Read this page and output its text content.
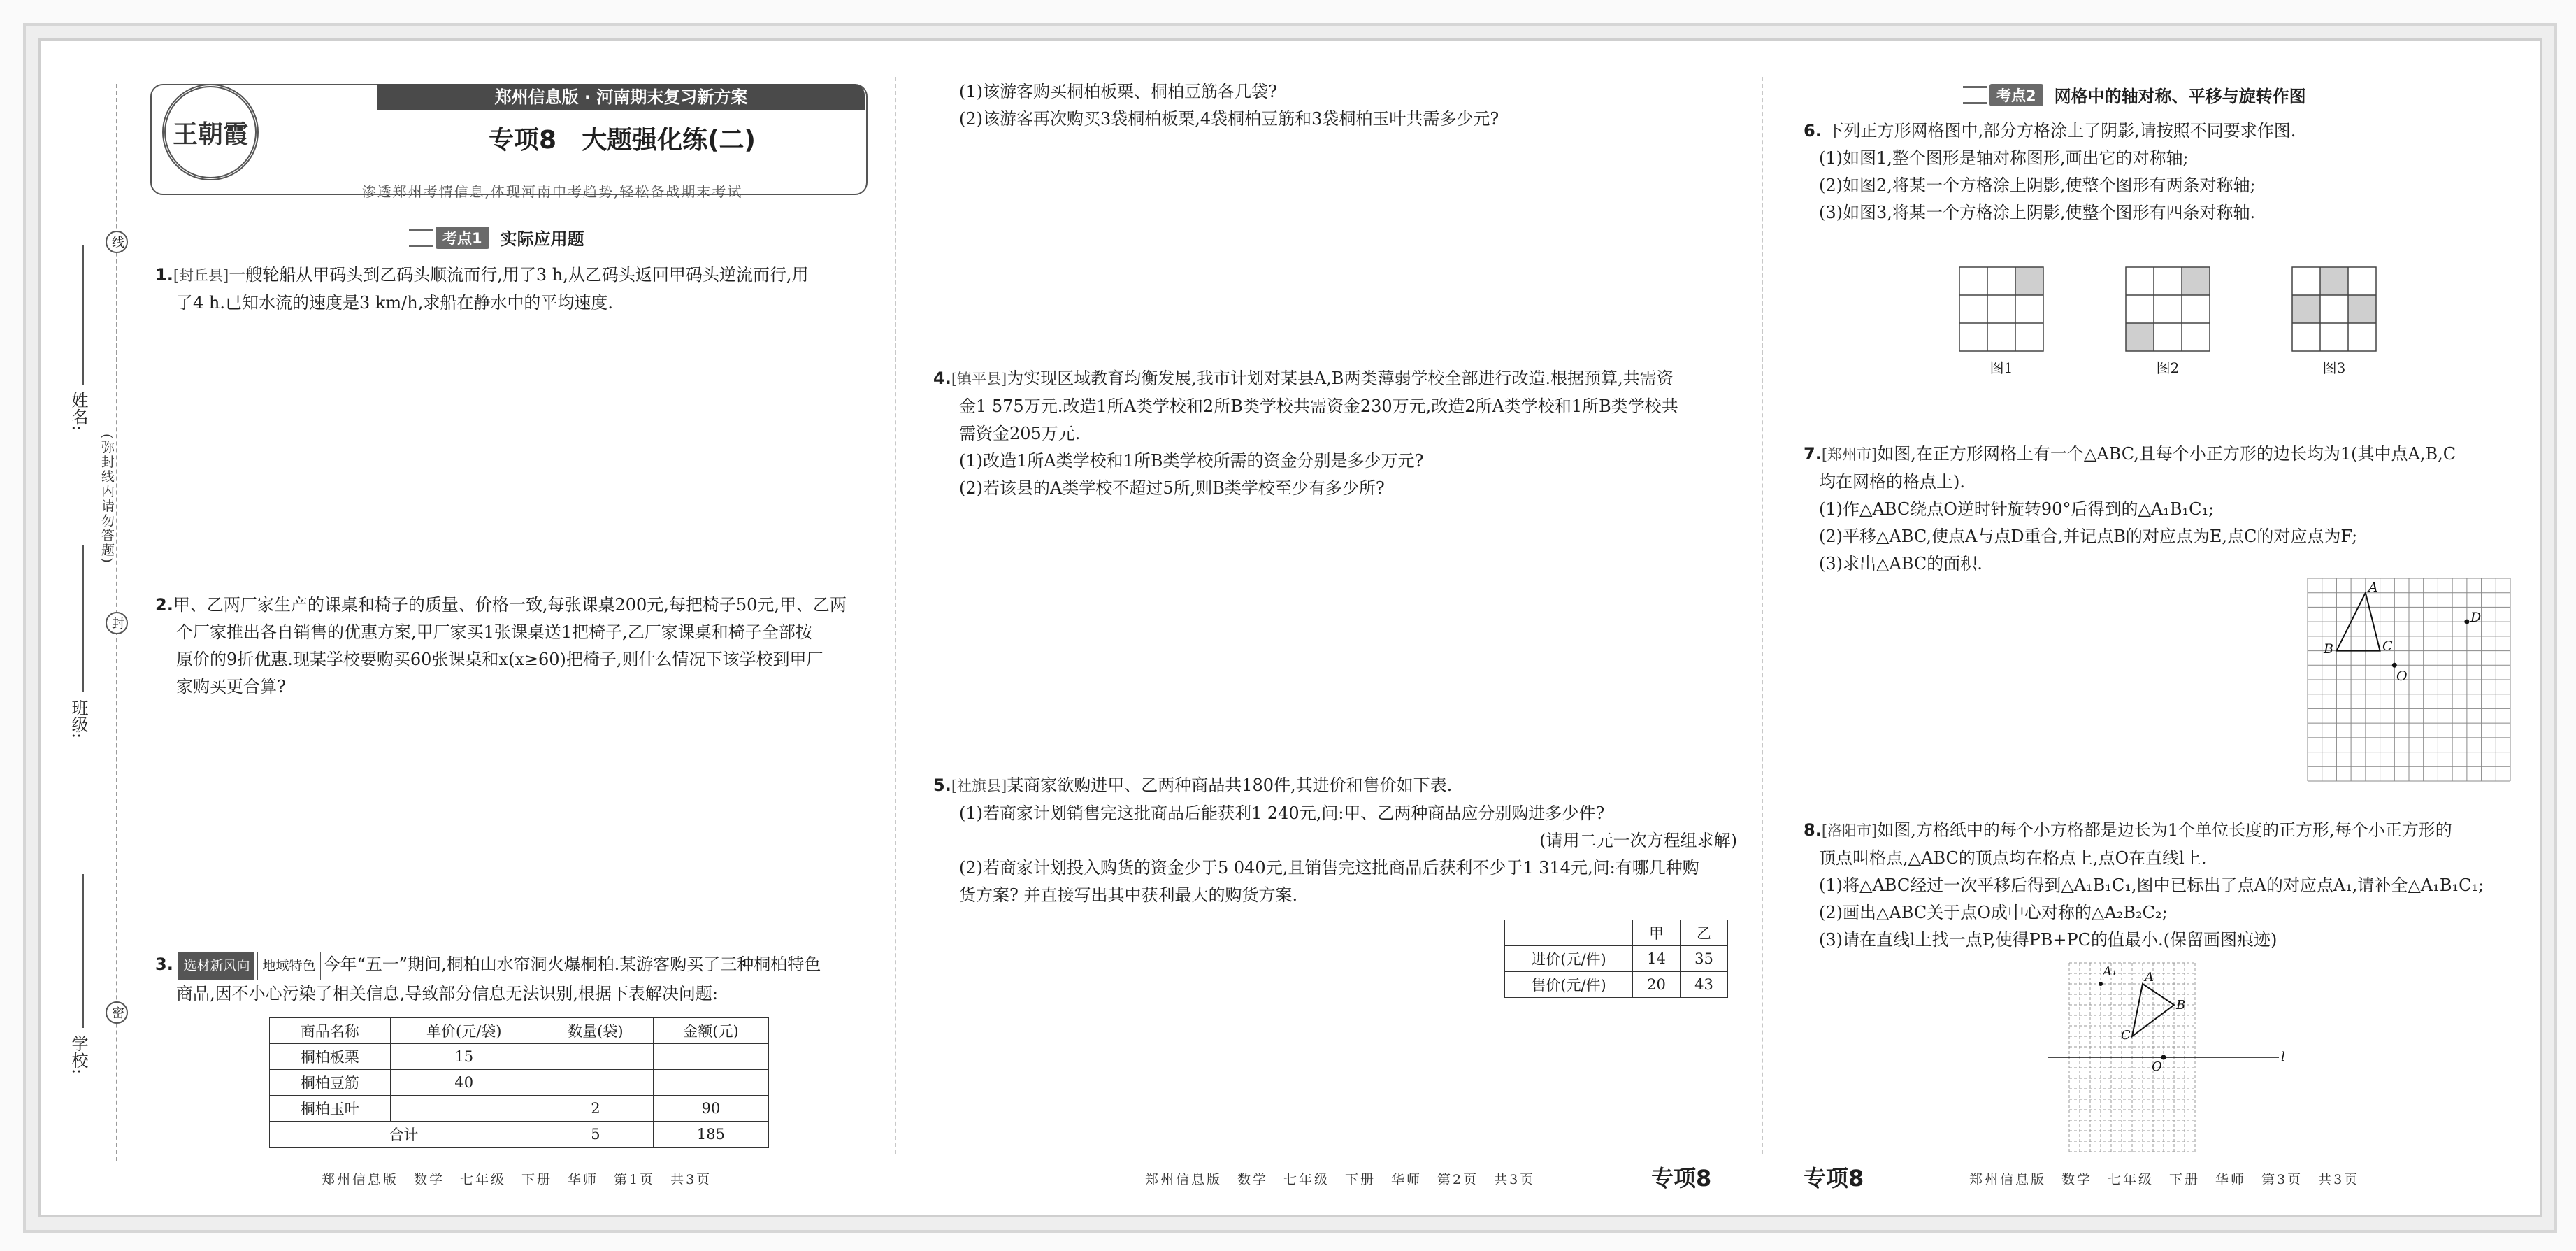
姓名:
班级:
学校:
(弥封线内请勿答题)
线
封
密
王朝霞
郑州信息版 · 河南期末复习新方案
专项8　大题强化练(二)
渗透郑州考情信息,体现河南中考趋势,轻松备战期末考试
考点1	实际应用题

1.[封丘县]一艘轮船从甲码头到乙码头顺流而行,用了3 h,从乙码头返回甲码头逆流而行,用

了4 h.已知水流的速度是3 km/h,求船在静水中的平均速度.

2.甲、乙两厂家生产的课桌和椅子的质量、价格一致,每张课桌200元,每把椅子50元,甲、乙两

个厂家推出各自销售的优惠方案,甲厂家买1张课桌送1把椅子,乙厂家课桌和椅子全部按

原价的9折优惠.现某学校要购买60张课桌和x(x≥60)把椅子,则什么情况下该学校到甲厂

家购买更合算?

3. 选材新风向 地域特色 今年“五一”期间,桐柏山水帘洞火爆桐柏.某游客购买了三种桐柏特色

商品,因不小心污染了相关信息,导致部分信息无法识别,根据下表解决问题:

商品名称	单价(元/袋)	数量(袋)	金额(元)
桐柏板栗	15		
桐柏豆筋	40		
桐柏玉叶		2	90
合计		5	185

(1)该游客购买桐柏板栗、桐柏豆筋各几袋?

(2)该游客再次购买3袋桐柏板栗,4袋桐柏豆筋和3袋桐柏玉叶共需多少元?

4.[镇平县]为实现区域教育均衡发展,我市计划对某县A,B两类薄弱学校全部进行改造.根据预算,共需资

金1 575万元.改造1所A类学校和2所B类学校共需资金230万元,改造2所A类学校和1所B类学校共

需资金205万元.

(1)改造1所A类学校和1所B类学校所需的资金分别是多少万元?

(2)若该县的A类学校不超过5所,则B类学校至少有多少所?

5.[社旗县]某商家欲购进甲、乙两种商品共180件,其进价和售价如下表.

(1)若商家计划销售完这批商品后能获利1 240元,问:甲、乙两种商品应分别购进多少件?

(请用二元一次方程组求解)

(2)若商家计划投入购货的资金少于5 040元,且销售完这批商品后获利不少于1 314元,问:有哪几种购

货方案? 并直接写出其中获利最大的购货方案.

	甲	乙
进价(元/件)	14	35
售价(元/件)	20	43
考点2	网格中的轴对称、平移与旋转作图

6. 下列正方形网格图中,部分方格涂上了阴影,请按照不同要求作图.

(1)如图1,整个图形是轴对称图形,画出它的对称轴;

(2)如图2,将某一个方格涂上阴影,使整个图形有两条对称轴;

(3)如图3,将某一个方格涂上阴影,使整个图形有四条对称轴.

图1	图2	图3

7.[郑州市]如图,在正方形网格上有一个△ABC,且每个小正方形的边长均为1(其中点A,B,C

均在网格的格点上).

(1)作△ABC绕点O逆时针旋转90°后得到的△A₁B₁C₁;

(2)平移△ABC,使点A与点D重合,并记点B的对应点为E,点C的对应点为F;

(3)求出△ABC的面积.

A
B	C
D
O

8.[洛阳市]如图,方格纸中的每个小方格都是边长为1个单位长度的正方形,每个小正方形的

顶点叫格点,△ABC的顶点均在格点上,点O在直线l上.

(1)将△ABC经过一次平移后得到△A₁B₁C₁,图中已标出了点A的对应点A₁,请补全△A₁B₁C₁;

(2)画出△ABC关于点O成中心对称的△A₂B₂C₂;

(3)请在直线l上找一点P,使得PB+PC的值最小.(保留画图痕迹)

A₁ A
B
C
O
l
郑州信息版　数学　七年级　下册　华师　第1页　共3页	郑州信息版　数学　七年级　下册　华师　第2页　共3页	专项8	专项8	郑州信息版　数学　七年级　下册　华师　第3页　共3页
